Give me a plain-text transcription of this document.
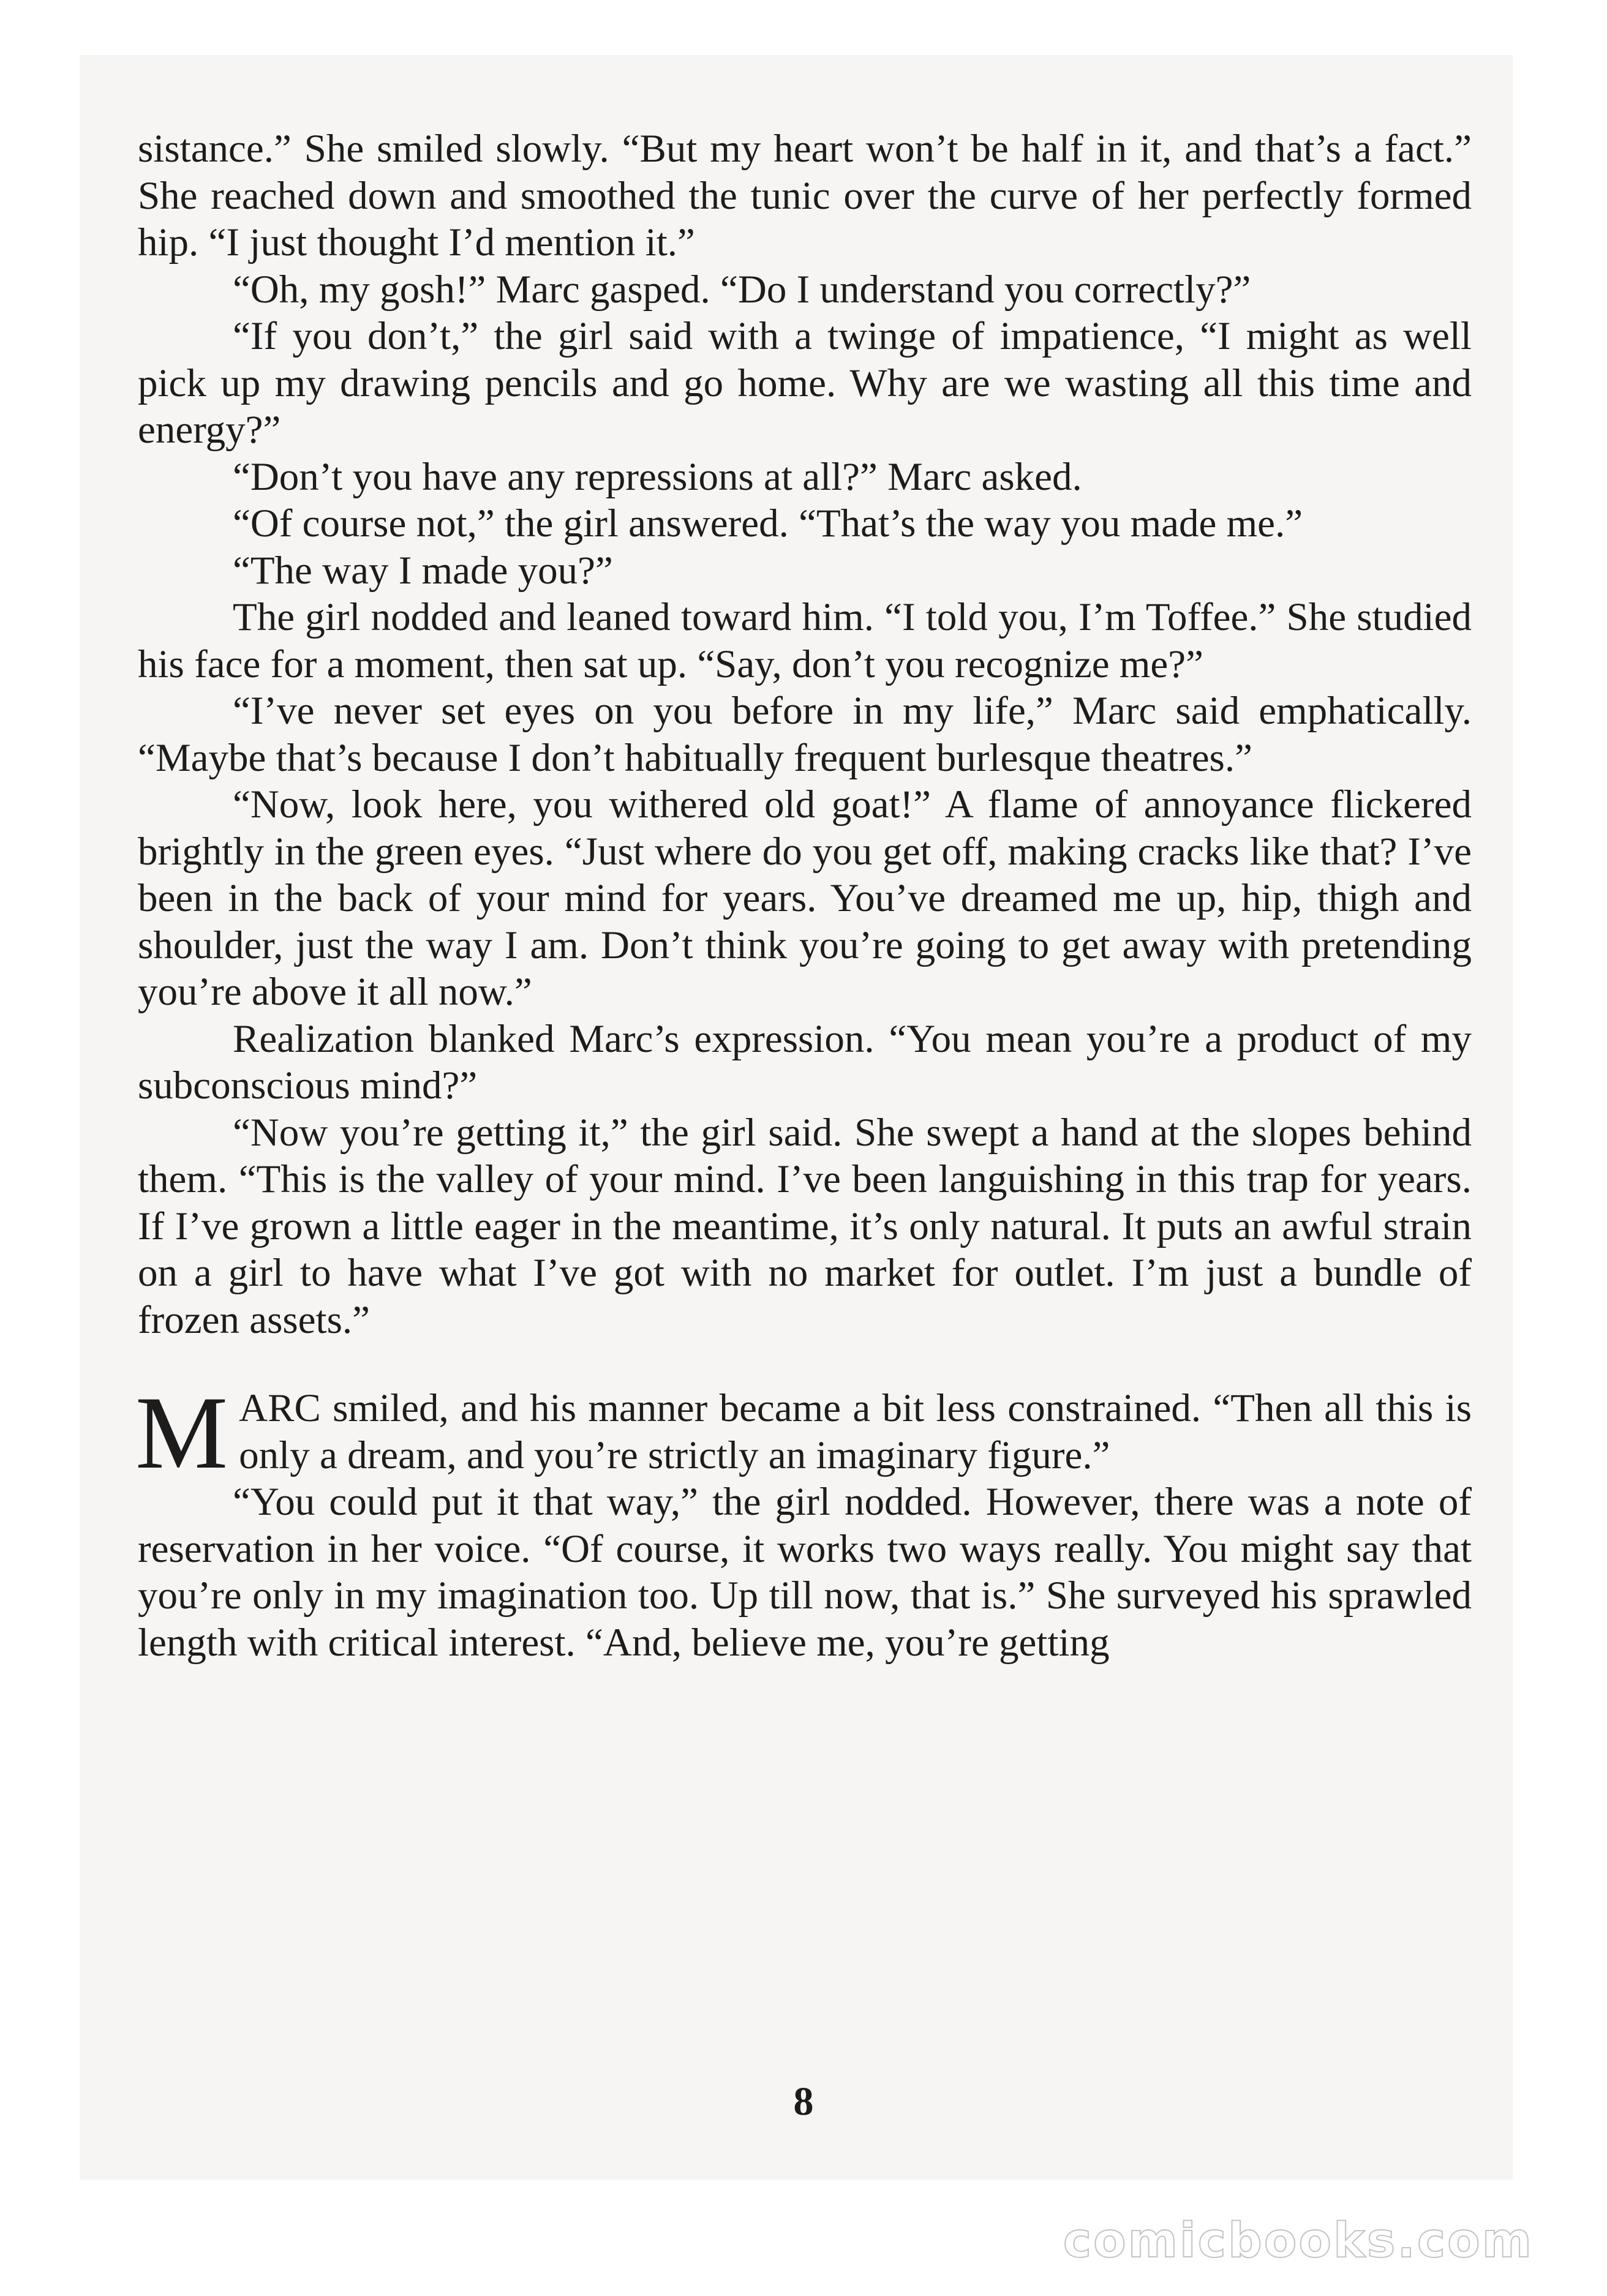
sistance.” She smiled slowly. “But my heart won’t be half in it, and that’s a fact.” She reached down and smoothed the tunic over the curve of her perfectly formed hip. “I just thought I’d mention it.”

“Oh, my gosh!” Marc gasped. “Do I understand you correctly?”

“If you don’t,” the girl said with a twinge of impatience, “I might as well pick up my drawing pencils and go home. Why are we wasting all this time and energy?”

“Don’t you have any repressions at all?” Marc asked.

“Of course not,” the girl answered. “That’s the way you made me.”

“The way I made you?”

The girl nodded and leaned toward him. “I told you, I’m Toffee.” She studied his face for a moment, then sat up. “Say, don’t you recognize me?”

“I’ve never set eyes on you before in my life,” Marc said emphatically. “Maybe that’s because I don’t habitually frequent burlesque theatres.”

“Now, look here, you withered old goat!” A flame of annoyance flickered brightly in the green eyes. “Just where do you get off, making cracks like that? I’ve been in the back of your mind for years. You’ve dreamed me up, hip, thigh and shoulder, just the way I am. Don’t think you’re going to get away with pretending you’re above it all now.”

Realization blanked Marc’s expression. “You mean you’re a product of my subconscious mind?”

“Now you’re getting it,” the girl said. She swept a hand at the slopes behind them. “This is the valley of your mind. I’ve been languishing in this trap for years. If I’ve grown a little eager in the meantime, it’s only natural. It puts an awful strain on a girl to have what I’ve got with no market for outlet. I’m just a bundle of frozen assets.”

MARC smiled, and his manner became a bit less constrained. “Then all this is only a dream, and you’re strictly an imaginary figure.”

“You could put it that way,” the girl nodded. However, there was a note of reservation in her voice. “Of course, it works two ways really. You might say that you’re only in my imagination too. Up till now, that is.” She surveyed his sprawled length with critical interest. “And, believe me, you’re getting

8
comicbooks.com
